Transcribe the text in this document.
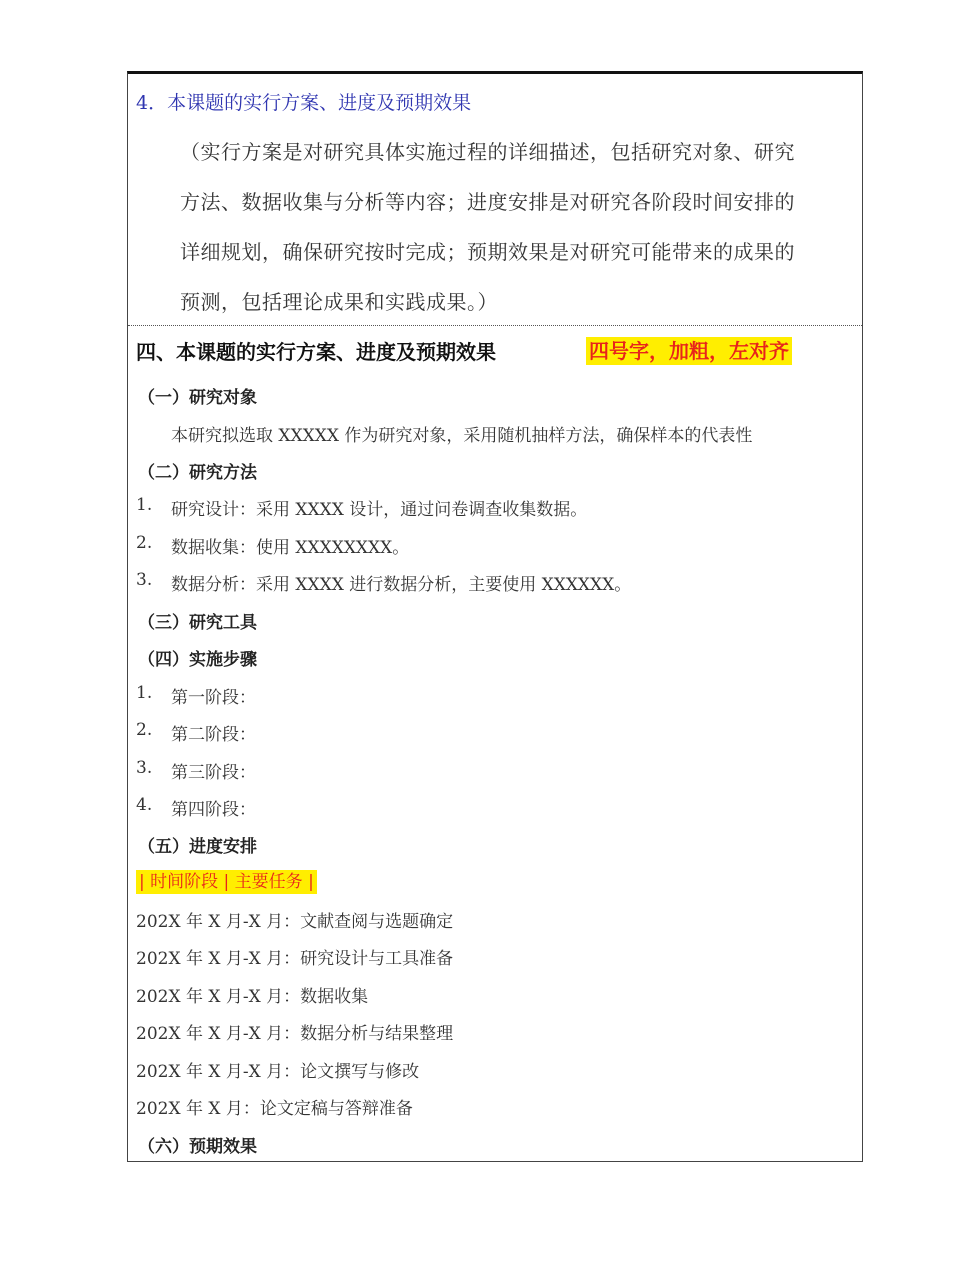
4．本课题的实行方案、进度及预期效果
（实行方案是对研究具体实施过程的详细描述，包括研究对象、研究
方法、数据收集与分析等内容；进度安排是对研究各阶段时间安排的
详细规划，确保研究按时完成；预期效果是对研究可能带来的成果的
预测，包括理论成果和实践成果。）
四、本课题的实行方案、进度及预期效果	四号字，加粗，左对齐
（一）研究对象
本研究拟选取 XXXXX 作为研究对象，采用随机抽样方法，确保样本的代表性
（二）研究方法
1. 研究设计：采用 XXXX 设计，通过问卷调查收集数据。
2. 数据收集：使用 XXXXXXXX。
3. 数据分析：采用 XXXX 进行数据分析，主要使用 XXXXXX。
（三）研究工具
（四）实施步骤
1. 第一阶段：
2. 第二阶段：
3. 第三阶段：
4. 第四阶段：
（五）进度安排
| 时间阶段 | 主要任务 |
202X 年 X 月-X 月：文献查阅与选题确定
202X 年 X 月-X 月：研究设计与工具准备
202X 年 X 月-X 月：数据收集
202X 年 X 月-X 月：数据分析与结果整理
202X 年 X 月-X 月：论文撰写与修改
202X 年 X 月：论文定稿与答辩准备
（六）预期效果
